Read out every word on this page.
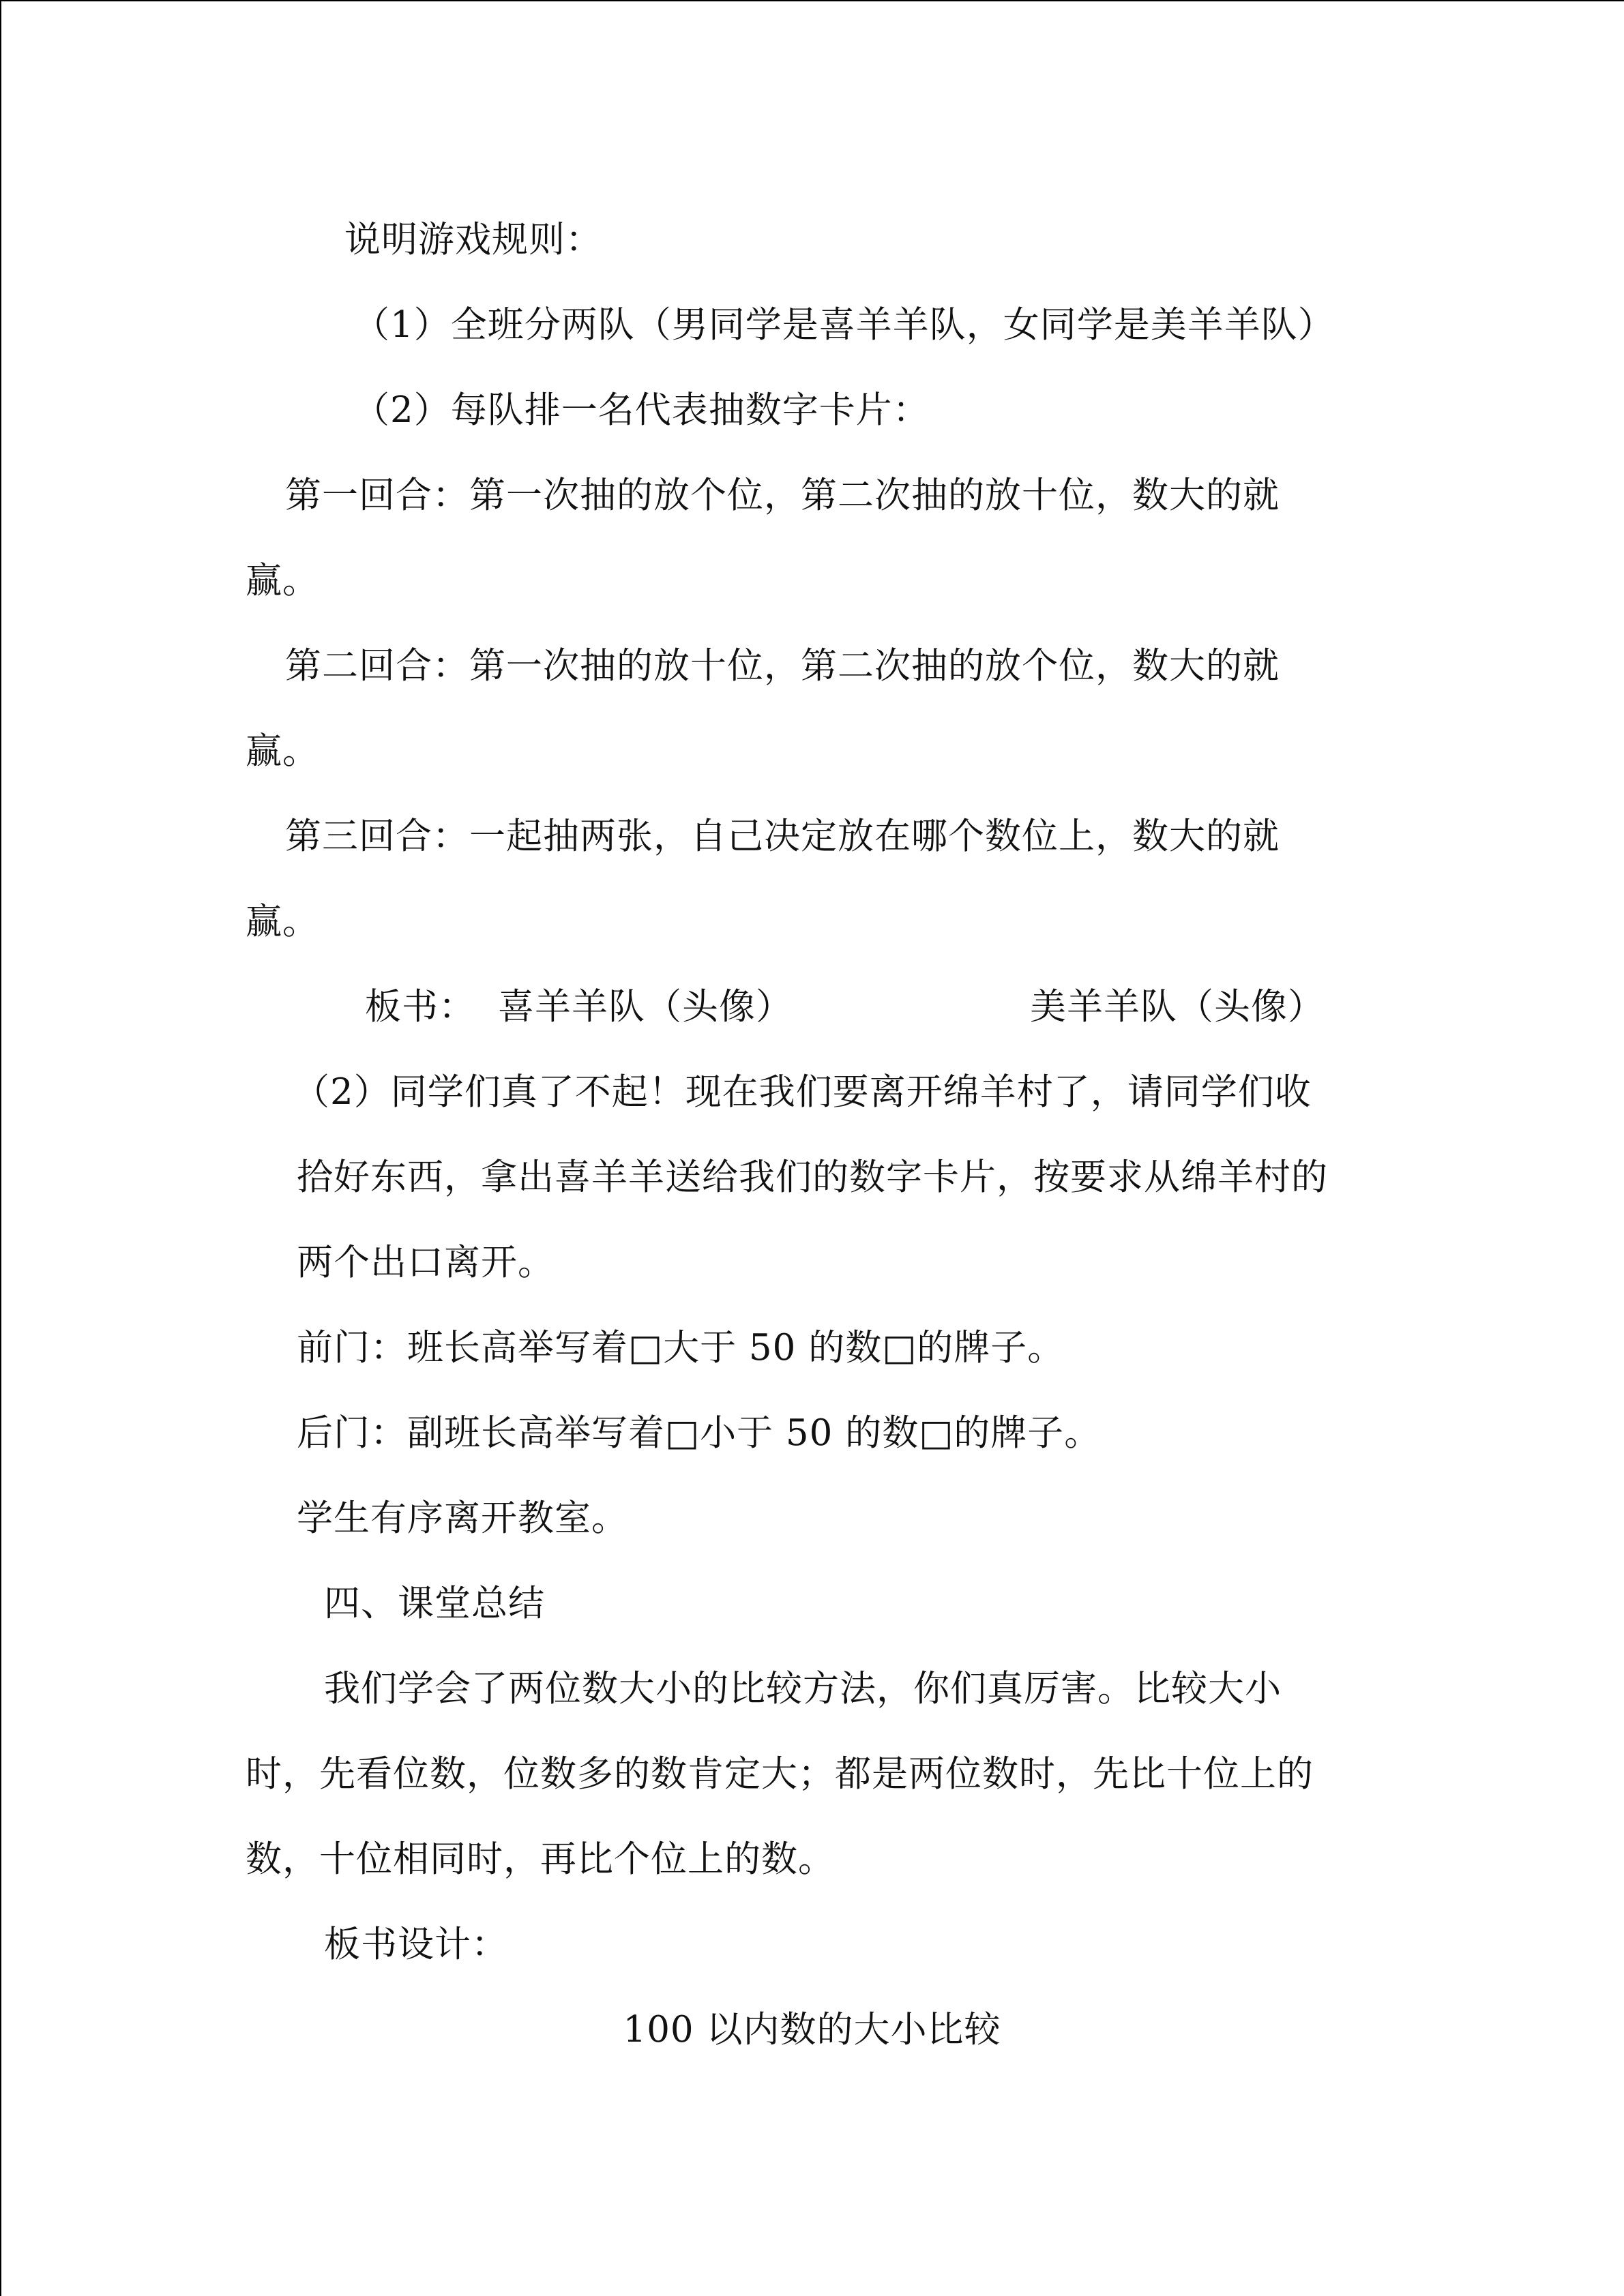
说明游戏规则：
（1）全班分两队（男同学是喜羊羊队，女同学是美羊羊队）
（2）每队排一名代表抽数字卡片：
第一回合：第一次抽的放个位，第二次抽的放十位，数大的就
赢。
第二回合：第一次抽的放十位，第二次抽的放个位，数大的就
赢。
第三回合：一起抽两张，自己决定放在哪个数位上，数大的就
赢。
板书： 喜羊羊队（头像）	美羊羊队（头像）
（2）同学们真了不起！现在我们要离开绵羊村了，请同学们收
拾好东西，拿出喜羊羊送给我们的数字卡片，按要求从绵羊村的
两个出口离开。
前门：班长高举写着□大于 50 的数□的牌子。
后门：副班长高举写着□小于 50 的数□的牌子。
学生有序离开教室。
四、课堂总结
我们学会了两位数大小的比较方法，你们真厉害。比较大小
时，先看位数，位数多的数肯定大；都是两位数时，先比十位上的
数，十位相同时，再比个位上的数。
板书设计：
100 以内数的大小比较
